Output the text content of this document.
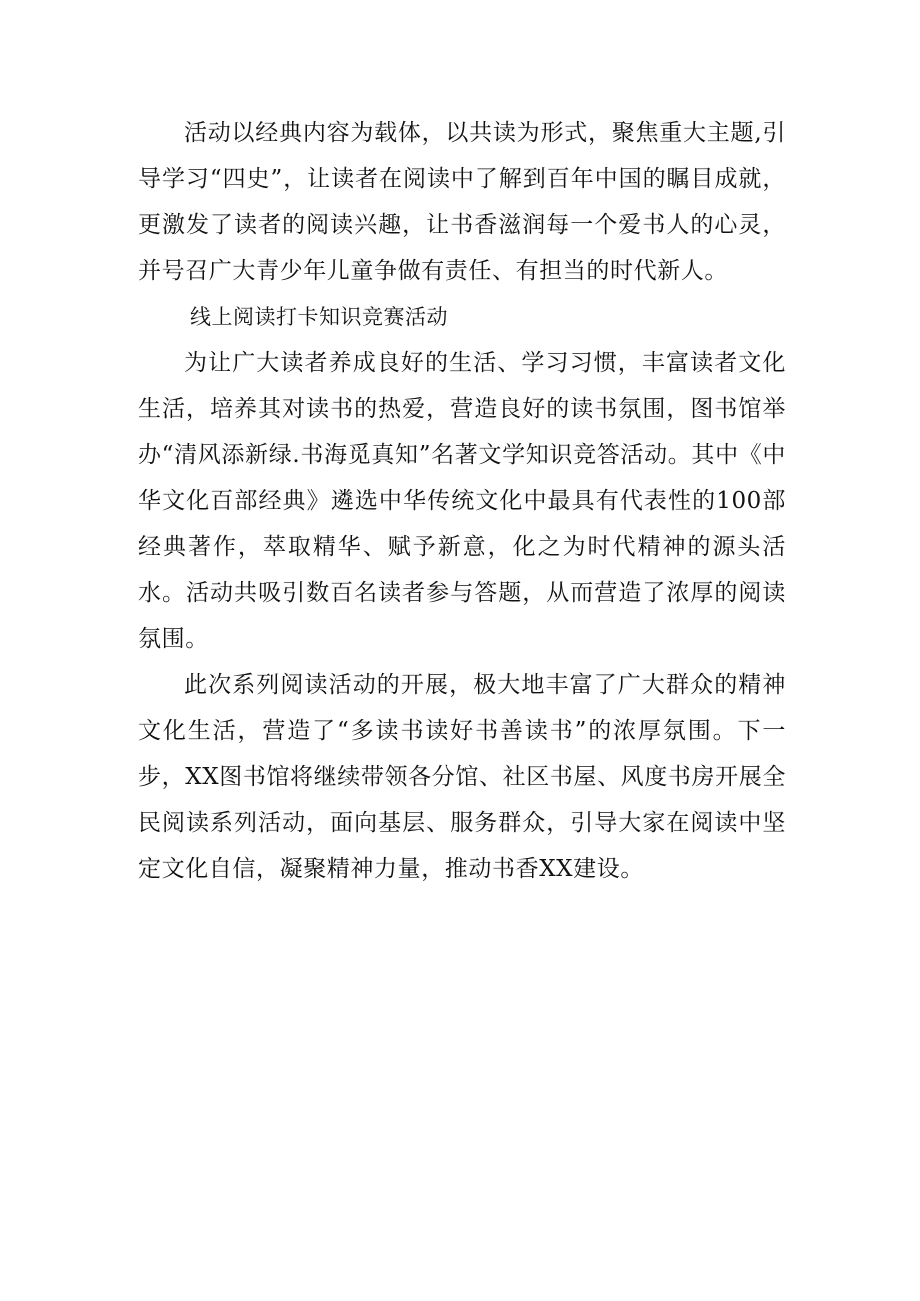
活动以经典内容为载体，以共读为形式，聚焦重大主题,引导学习“四史”，让读者在阅读中了解到百年中国的瞩目成就，更激发了读者的阅读兴趣，让书香滋润每一个爱书人的心灵，并号召广大青少年儿童争做有责任、有担当的时代新人。

线上阅读打卡知识竞赛活动

为让广大读者养成良好的生活、学习习惯，丰富读者文化生活，培养其对读书的热爱，营造良好的读书氛围，图书馆举办“清风添新绿.书海觅真知”名著文学知识竞答活动。其中《中华文化百部经典》遴选中华传统文化中最具有代表性的100部经典著作，萃取精华、赋予新意，化之为时代精神的源头活水。活动共吸引数百名读者参与答题，从而营造了浓厚的阅读氛围。

此次系列阅读活动的开展，极大地丰富了广大群众的精神文化生活，营造了“多读书读好书善读书”的浓厚氛围。下一步，XX图书馆将继续带领各分馆、社区书屋、风度书房开展全民阅读系列活动，面向基层、服务群众，引导大家在阅读中坚定文化自信，凝聚精神力量，推动书香XX建设。
